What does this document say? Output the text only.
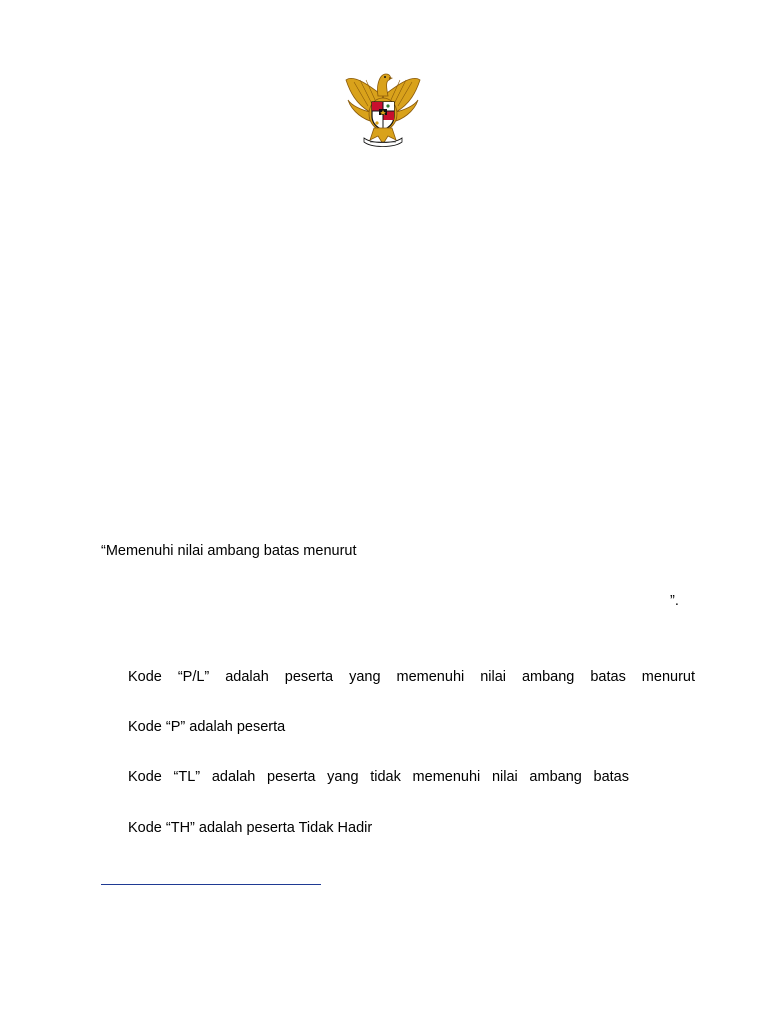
“Memenuhi nilai ambang batas menurut
”.
Kode “P/L” adalah peserta yang memenuhi nilai ambang batas menurut
Kode “P” adalah peserta
Kode “TL” adalah peserta yang tidak memenuhi nilai ambang batas
Kode “TH” adalah peserta Tidak Hadir
